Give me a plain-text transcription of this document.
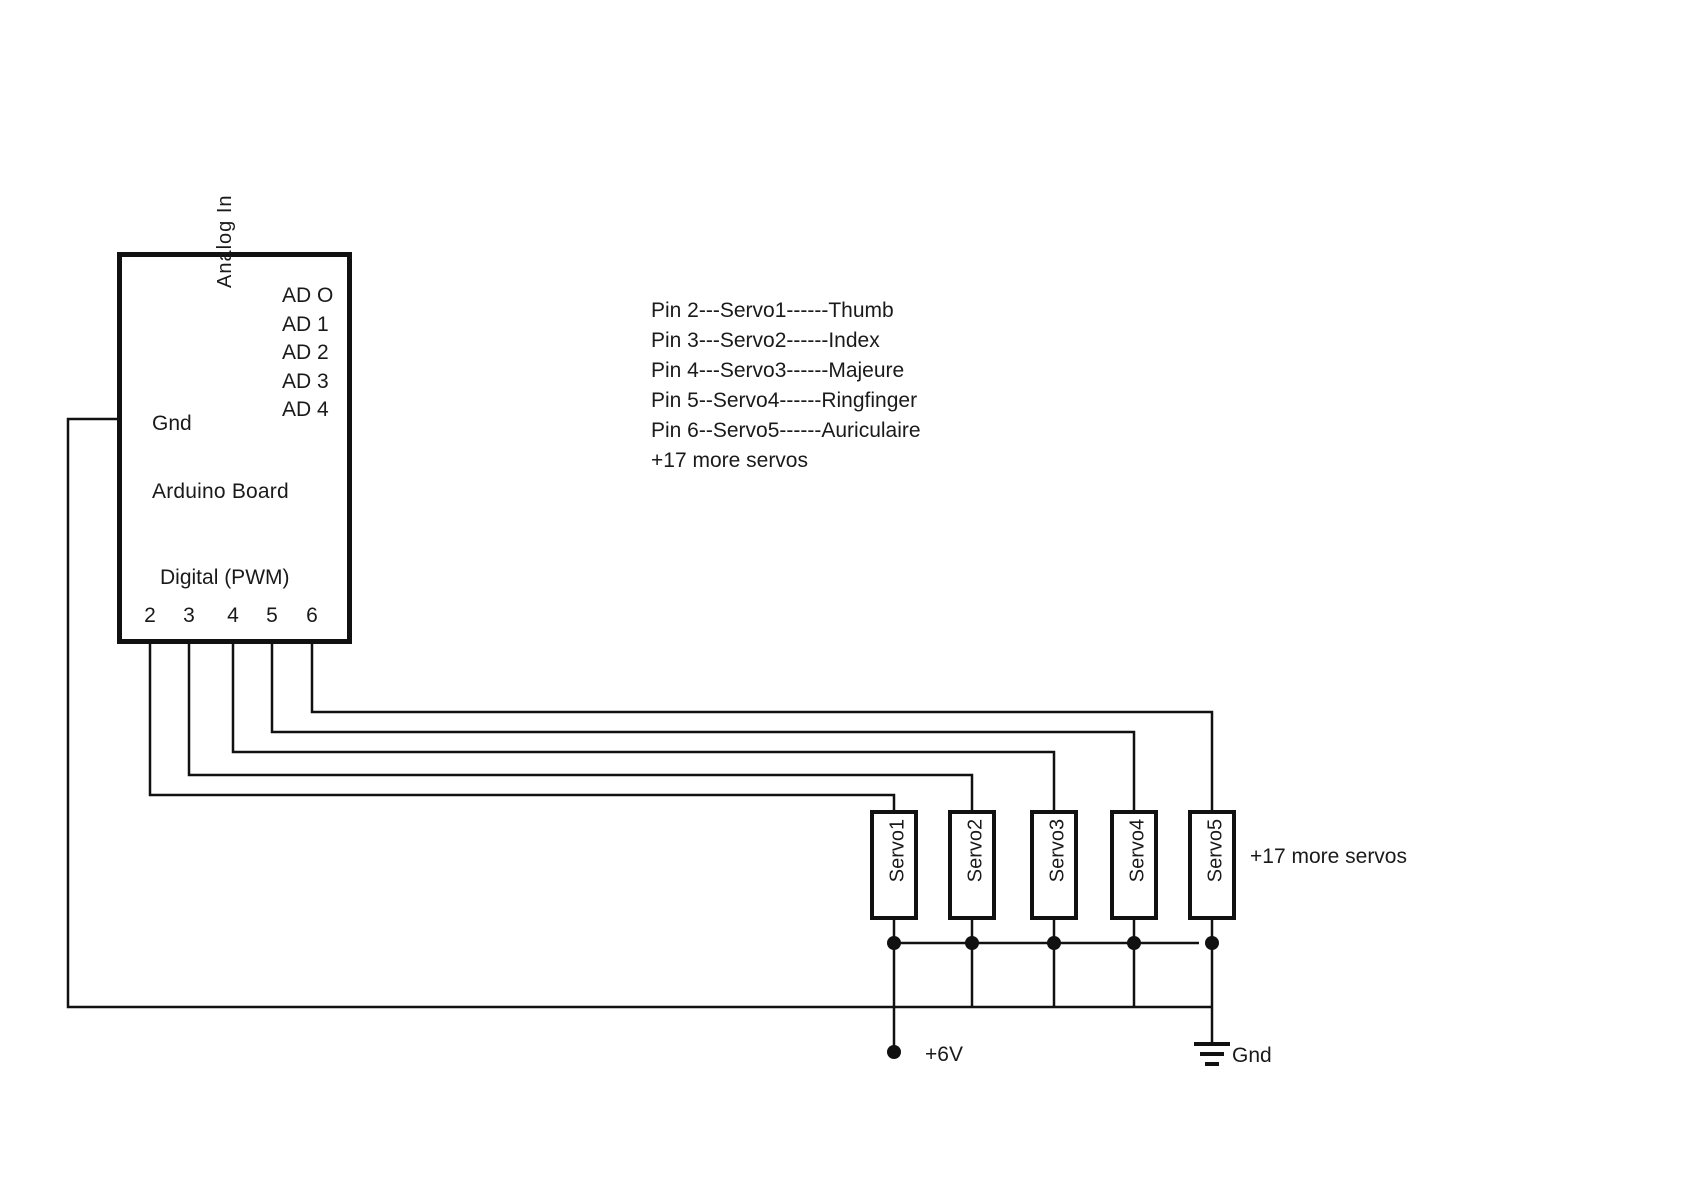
Analog In
AD O
AD 1
AD 2
AD 3
AD 4
Gnd
Arduino Board
Digital (PWM)
2 3 4 5 6
Pin 2---Servo1------Thumb
Pin 3---Servo2------Index
Pin 4---Servo3------Majeure
Pin 5--Servo4------Ringfinger
Pin 6--Servo5------Auriculaire
+17 more servos
Servo1	Servo2	Servo3	Servo4	Servo5 +17 more servos
+6V	Gnd
